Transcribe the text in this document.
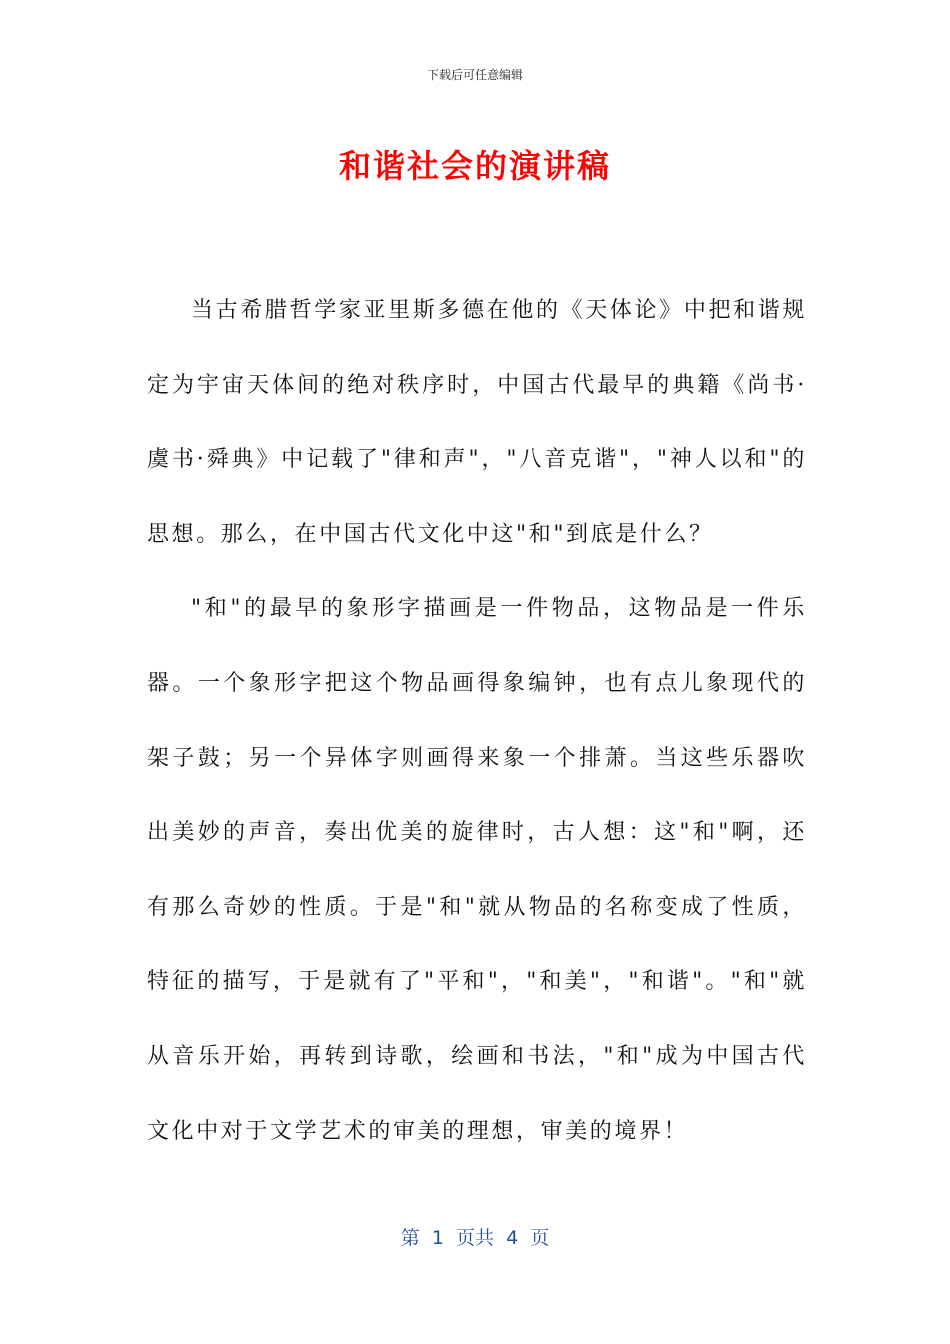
下载后可任意编辑
和谐社会的演讲稿

当古希腊哲学家亚里斯多德在他的《天体论》中把和谐规定为宇宙天体间的绝对秩序时，中国古代最早的典籍《尚书·虞书·舜典》中记载了"律和声"，"八音克谐"，"神人以和"的思想。那么，在中国古代文化中这"和"到底是什么？

"和"的最早的象形字描画是一件物品，这物品是一件乐器。一个象形字把这个物品画得象编钟，也有点儿象现代的架子鼓；另一个异体字则画得来象一个排萧。当这些乐器吹出美妙的声音，奏出优美的旋律时，古人想：这"和"啊，还有那么奇妙的性质。于是"和"就从物品的名称变成了性质，特征的描写，于是就有了"平和"，"和美"，"和谐"。"和"就从音乐开始，再转到诗歌，绘画和书法，"和"成为中国古代文化中对于文学艺术的审美的理想，审美的境界！

第  1  页共  4  页
